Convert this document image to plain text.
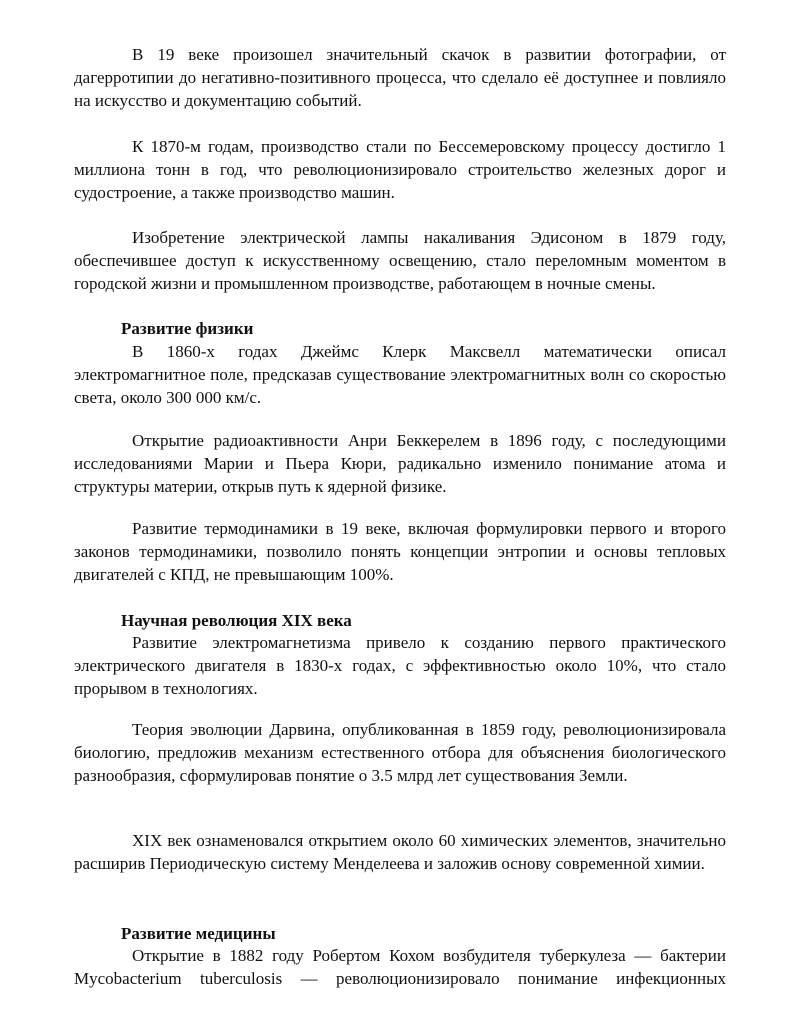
В 19 веке произошел значительный скачок в развитии фотографии, от дагерротипии до негативно-позитивного процесса, что сделало её доступнее и повлияло на искусство и документацию событий.

К 1870-м годам, производство стали по Бессемеровскому процессу достигло 1 миллиона тонн в год, что революционизировало строительство железных дорог и судостроение, а также производство машин.

Изобретение электрической лампы накаливания Эдисоном в 1879 году, обеспечившее доступ к искусственному освещению, стало переломным моментом в городской жизни и промышленном производстве, работающем в ночные смены.

Развитие физики

В 1860-х годах Джеймс Клерк Максвелл математически описал электромагнитное поле, предсказав существование электромагнитных волн со скоростью света, около 300 000 км/с.

Открытие радиоактивности Анри Беккерелем в 1896 году, с последующими исследованиями Марии и Пьера Кюри, радикально изменило понимание атома и структуры материи, открыв путь к ядерной физике.

Развитие термодинамики в 19 веке, включая формулировки первого и второго законов термодинамики, позволило понять концепции энтропии и основы тепловых двигателей с КПД, не превышающим 100%.

Научная революция XIX века

Развитие электромагнетизма привело к созданию первого практического электрического двигателя в 1830-х годах, с эффективностью около 10%, что стало прорывом в технологиях.

Теория эволюции Дарвина, опубликованная в 1859 году, революционизировала биологию, предложив механизм естественного отбора для объяснения биологического разнообразия, сформулировав понятие о 3.5 млрд лет существования Земли.

XIX век ознаменовался открытием около 60 химических элементов, значительно расширив Периодическую систему Менделеева и заложив основу современной химии.

Развитие медицины

Открытие в 1882 году Робертом Кохом возбудителя туберкулеза — бактерии Mycobacterium tuberculosis — революционизировало понимание инфекционных
